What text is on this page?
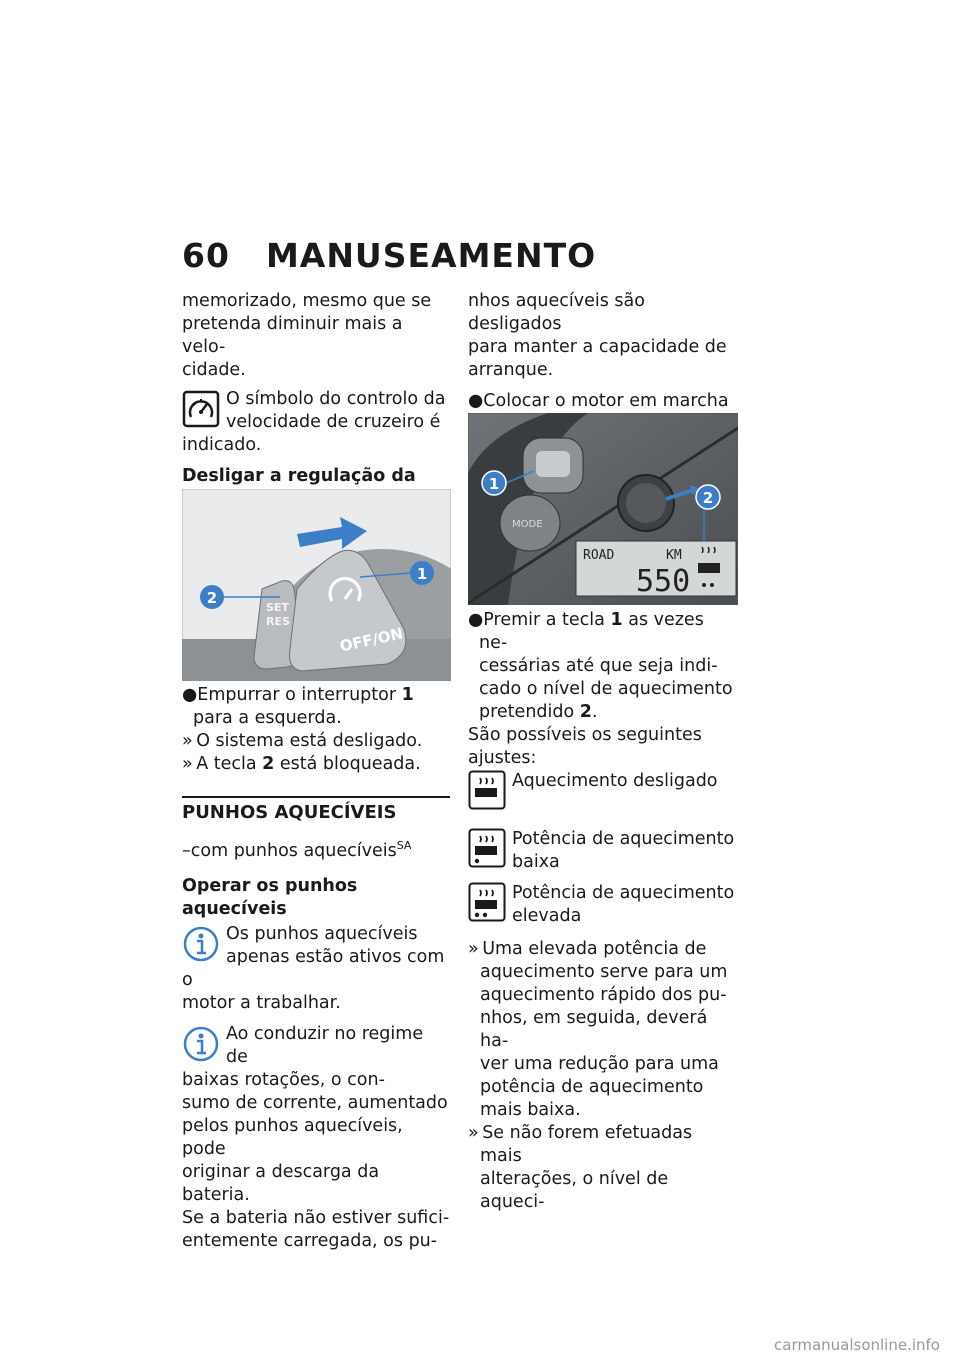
60 MANUSEAMENTO

memorizado, mesmo que se
pretenda diminuir mais a velo-
cidade.

O símbolo do controlo da
velocidade de cruzeiro é

indicado.

Desligar a regulação da

SET
RES
OFF/ON
1
2

●Empurrar o interruptor 1 para a esquerda.

» O sistema está desligado.

» A tecla 2 está bloqueada.

PUNHOS AQUECÍVEIS

–com punhos aquecíveis$^{SA}$

Operar os punhos aquecíveis

Os punhos aquecíveis
apenas estão ativos com o

motor a trabalhar.
Ao conduzir no regime de
baixas rotações, o con-

sumo de corrente, aumentado
pelos punhos aquecíveis, pode
originar a descarga da bateria.
Se a bateria não estiver sufici-
entemente carregada, os pu-

nhos aquecíveis são desligados
para manter a capacidade de
arranque.

●Colocar o motor em marcha

MODE
ROAD	KM
550
2
1

●Premir a tecla 1 as vezes ne-
cessárias até que seja indi-
cado o nível de aquecimento
pretendido 2.

São possíveis os seguintes
ajustes:

Aquecimento desligado
Potência de aquecimento
baixa
Potência de aquecimento
elevada

» Uma elevada potência de
aquecimento serve para um
aquecimento rápido dos pu-
nhos, em seguida, deverá ha-
ver uma redução para uma
potência de aquecimento
mais baixa.

» Se não forem efetuadas mais
alterações, o nível de aqueci-

carmanualsonline.info
